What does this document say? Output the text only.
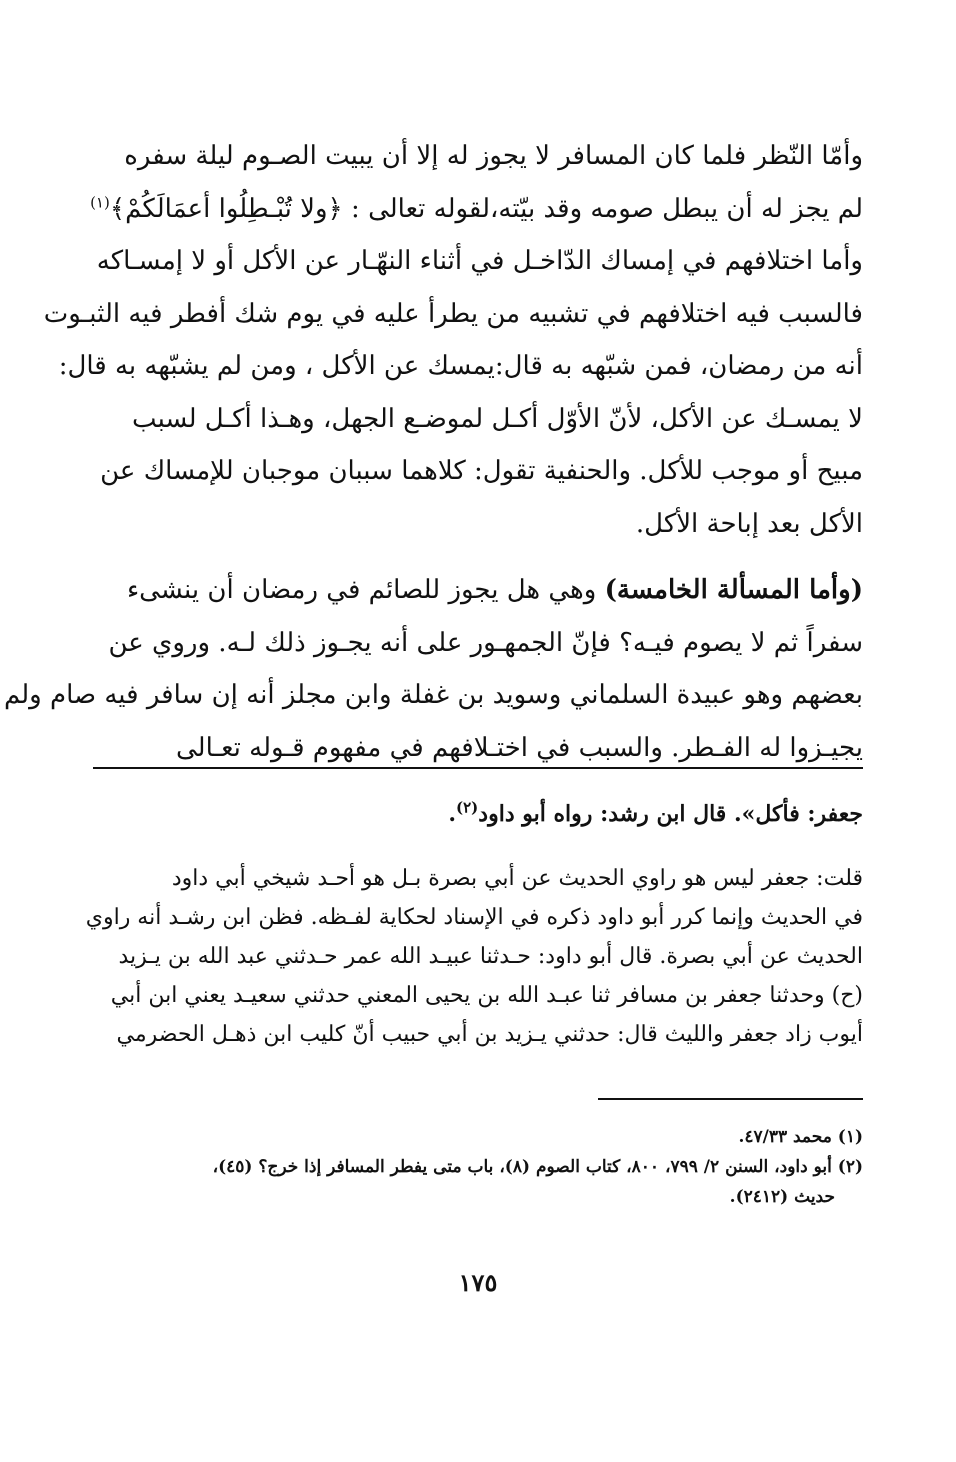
وأمّا النّظر فلما كان المسافر لا يجوز له إلا أن يبيت الصـوم ليلة سفره
لم يجز له أن يبطل صومه وقد بيّته،لقوله تعالى : ﴿ولا تُبْـطِلُوا أعمَالَكُمْ﴾$^{(١)}$
وأما اختلافهم في إمساك الدّاخـل في أثناء النهّـار عن الأكل أو لا إمسـاكه
فالسبب فيه اختلافهم في تشبيه من يطرأ عليه في يوم شك أفطر فيه الثبـوت
أنه من رمضان، فمن شبّهه به قال:يمسك عن الأكل ، ومن لم يشبّهه به قال:
لا يمسـك عن الأكل، لأنّ الأوّل أكـل لموضـع الجهل، وهـذا أكـل لسبب
مبيح أو موجب للأكل. والحنفية تقول: كلاهما سببان موجبان للإمساك عن
الأكل بعد إباحة الأكل.
(وأما المسألة الخامسة) وهي هل يجوز للصائم في رمضان أن ينشىء
سفراً ثم لا يصوم فيـه؟ فإنّ الجمهـور على أنه يجـوز ذلك لـه. وروي عن
بعضهم وهو عبيدة السلماني وسويد بن غفلة وابن مجلز أنه إن سافر فيه صام ولم
يجيـزوا له الفـطر. والسبب في اختـلافهم في مفهوم قـوله تعـالى
جعفر: فأكل». قال ابن رشد: رواه أبو داود$^{(٢)}$.
قلت: جعفر ليس هو راوي الحديث عن أبي بصرة بـل هو أحـد شيخي أبي داود
في الحديث وإنما كرر أبو داود ذكره في الإسناد لحكاية لفـظه. فظن ابن رشـد أنه راوي
الحديث عن أبي بصرة. قال أبو داود: حـدثنا عبيـد الله عمر حـدثني عبد الله بن يـزيد
(ح) وحدثنا جعفر بن مسافر ثنا عبـد الله بن يحيى المعني حدثني سعيـد يعني ابن أبي
أيوب زاد جعفر والليث قال: حدثني يـزيد بن أبي حبيب أنّ كليب ابن ذهـل الحضرمي
(١) محمد ٤٧/٣٣.
(٢) أبو داود، السنن ٢/ ٧٩٩، ٨٠٠، كتاب الصوم (٨)، باب متى يفطر المسافر إذا خرج؟ (٤٥)،
حديث (٢٤١٢).
١٧٥
